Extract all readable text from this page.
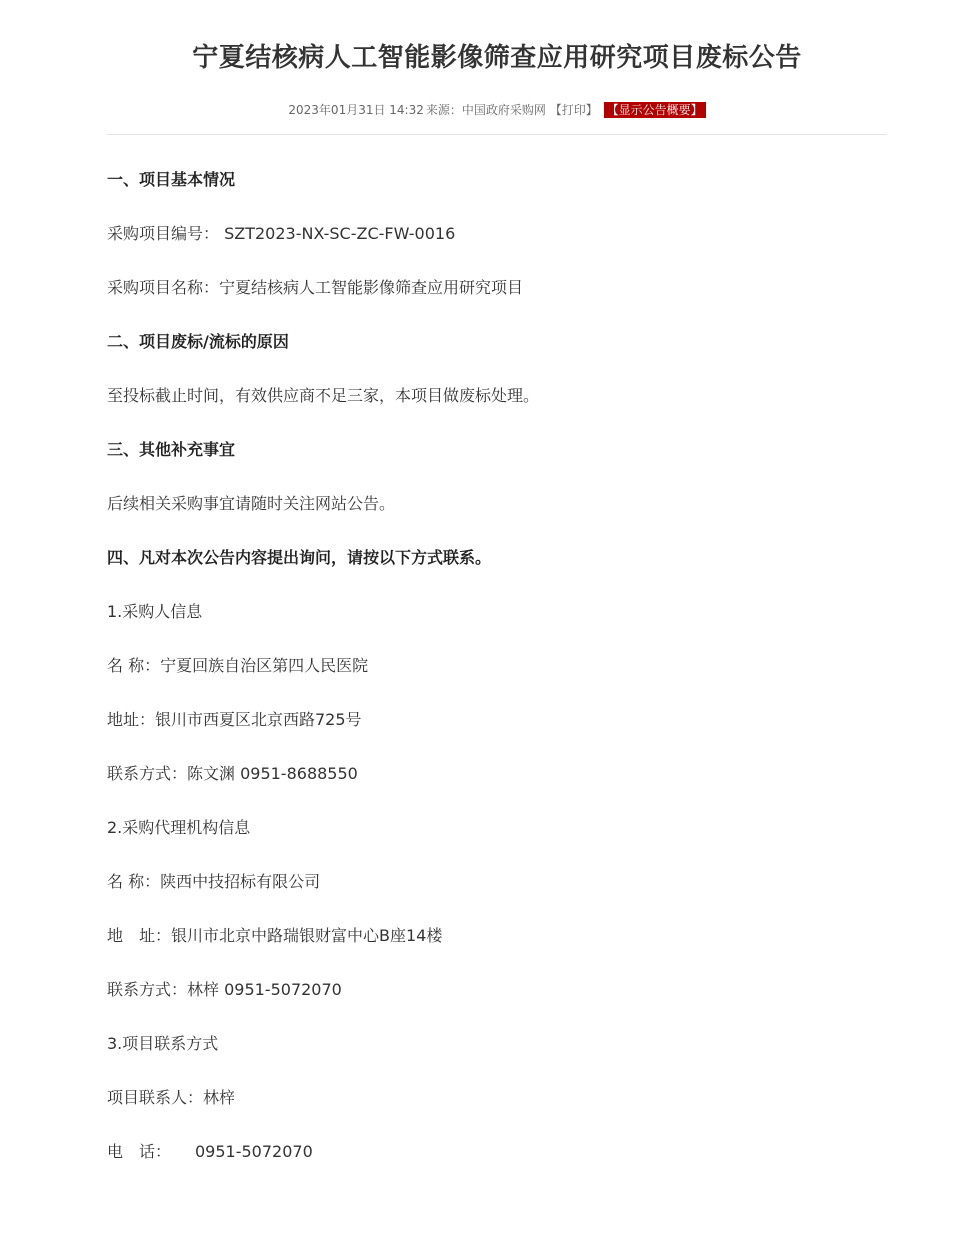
宁夏结核病人工智能影像筛查应用研究项目废标公告
2023年01月31日 14:32 来源：中国政府采购网 【打印】 【显示公告概要】
一、项目基本情况
采购项目编号： SZT2023-NX-SC-ZC-FW-0016
采购项目名称：宁夏结核病人工智能影像筛查应用研究项目
二、项目废标/流标的原因
至投标截止时间，有效供应商不足三家，本项目做废标处理。
三、其他补充事宜
后续相关采购事宜请随时关注网站公告。
四、凡对本次公告内容提出询问，请按以下方式联系。
1.采购人信息
名 称：宁夏回族自治区第四人民医院
地址：银川市西夏区北京西路725号
联系方式：陈文渊 0951-8688550
2.采购代理机构信息
名 称：陕西中技招标有限公司
地　址：银川市北京中路瑞银财富中心B座14楼
联系方式：林梓 0951-5072070
3.项目联系方式
项目联系人：林梓
电　话：　　0951-5072070
